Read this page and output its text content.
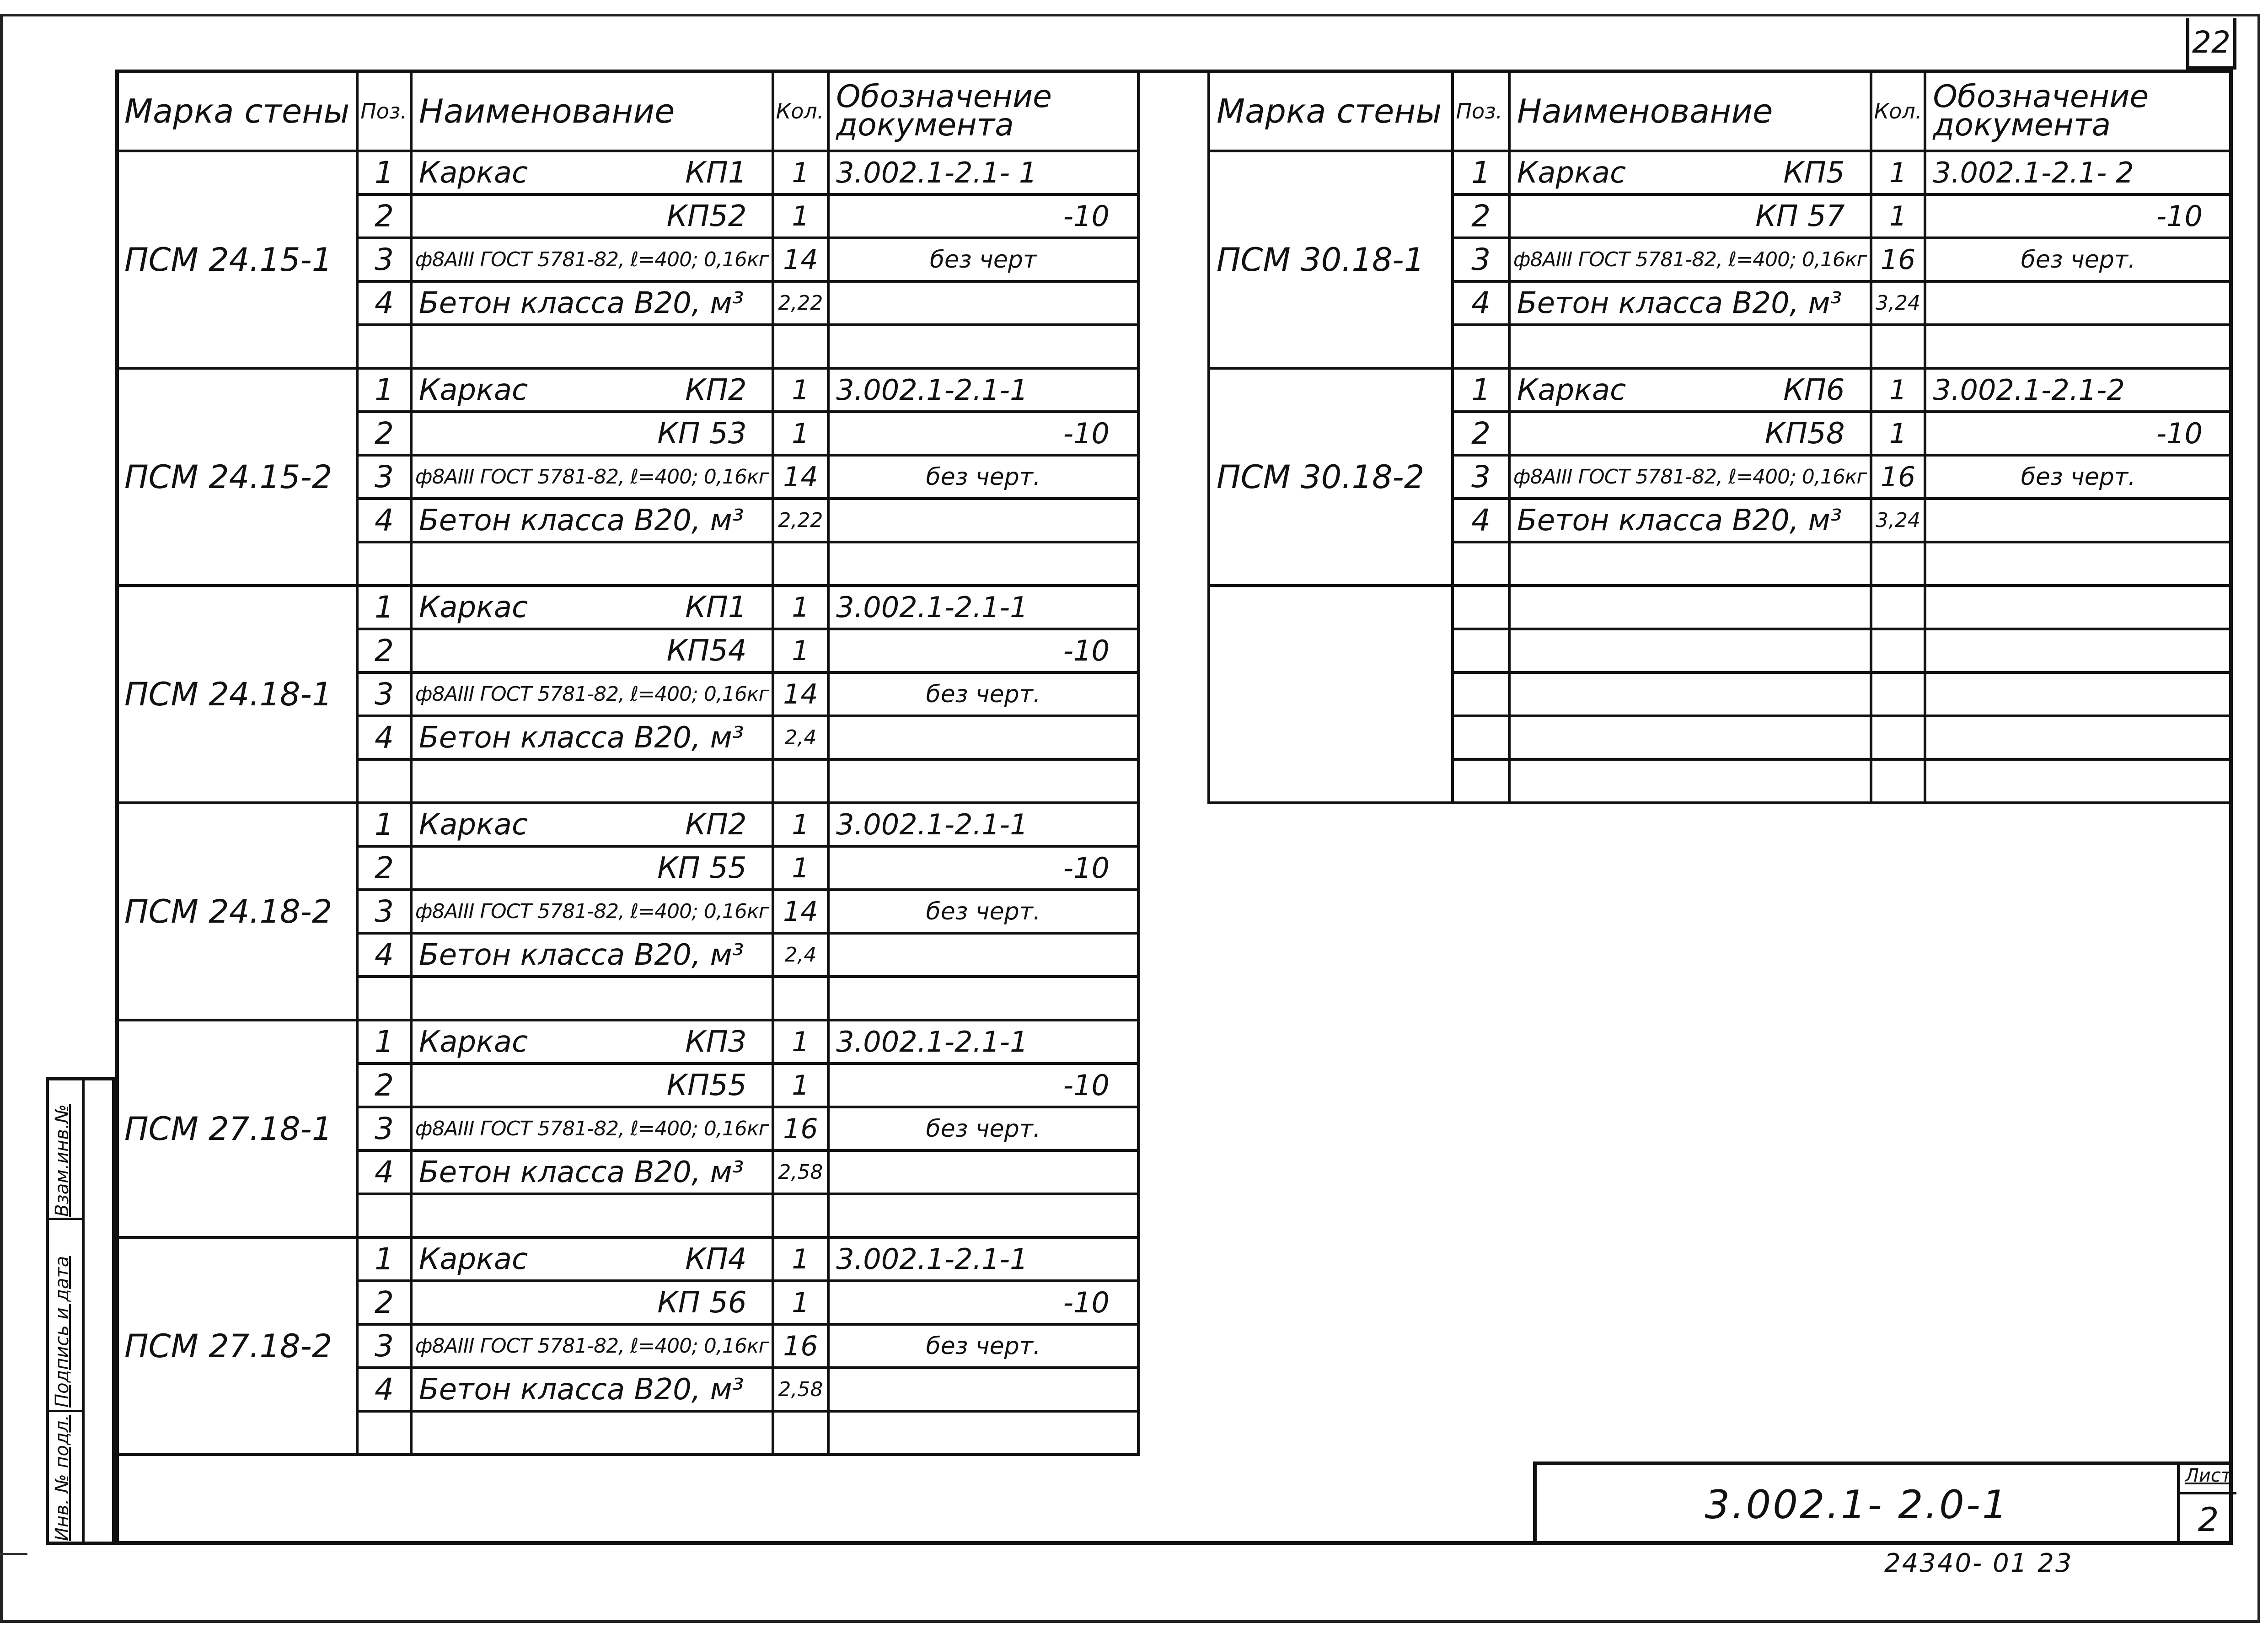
22
Взам.инв.№
Подпись и дата
Инв. № подл.
Марка стены	Поз.	Наименование	Кол.	Обозначение
документа

ПСМ 24.15-1	1	Каркас КП1	1	3.002.1-2.1- 1
	2	КП52	1	-10
	3	ф8АIII ГОСТ 5781-82, ℓ=400; 0,16кг	14	без черт
	4	Бетон класса В20, м³	2,22	

ПСМ 24.15-2	1	Каркас КП2	1	3.002.1-2.1-1
	2	КП 53	1	-10
	3	ф8АIII ГОСТ 5781-82, ℓ=400; 0,16кг	14	без черт.
	4	Бетон класса В20, м³	2,22	

ПСМ 24.18-1	1	Каркас КП1	1	3.002.1-2.1-1
	2	КП54	1	-10
	3	ф8АIII ГОСТ 5781-82, ℓ=400; 0,16кг	14	без черт.
	4	Бетон класса В20, м³	2,4	

ПСМ 24.18-2	1	Каркас КП2	1	3.002.1-2.1-1
	2	КП 55	1	-10
	3	ф8АIII ГОСТ 5781-82, ℓ=400; 0,16кг	14	без черт.
	4	Бетон класса В20, м³	2,4	

ПСМ 27.18-1	1	Каркас КП3	1	3.002.1-2.1-1
	2	КП55	1	-10
	3	ф8АIII ГОСТ 5781-82, ℓ=400; 0,16кг	16	без черт.
	4	Бетон класса В20, м³	2,58	

ПСМ 27.18-2	1	Каркас КП4	1	3.002.1-2.1-1
	2	КП 56	1	-10
	3	ф8АIII ГОСТ 5781-82, ℓ=400; 0,16кг	16	без черт.
	4	Бетон класса В20, м³	2,58	

Марка стены	Поз.	Наименование	Кол.	Обозначение
документа

ПСМ 30.18-1	1	Каркас КП5	1	3.002.1-2.1- 2
	2	КП 57	1	-10
	3	ф8АIII ГОСТ 5781-82, ℓ=400; 0,16кг	16	без черт.
	4	Бетон класса В20, м³	3,24	

ПСМ 30.18-2	1	Каркас КП6	1	3.002.1-2.1-2
	2	КП58	1	-10
	3	ф8АIII ГОСТ 5781-82, ℓ=400; 0,16кг	16	без черт.
	4	Бетон класса В20, м³	3,24	

3.002.1- 2.0-1
Лист
2
24340- 01 23
